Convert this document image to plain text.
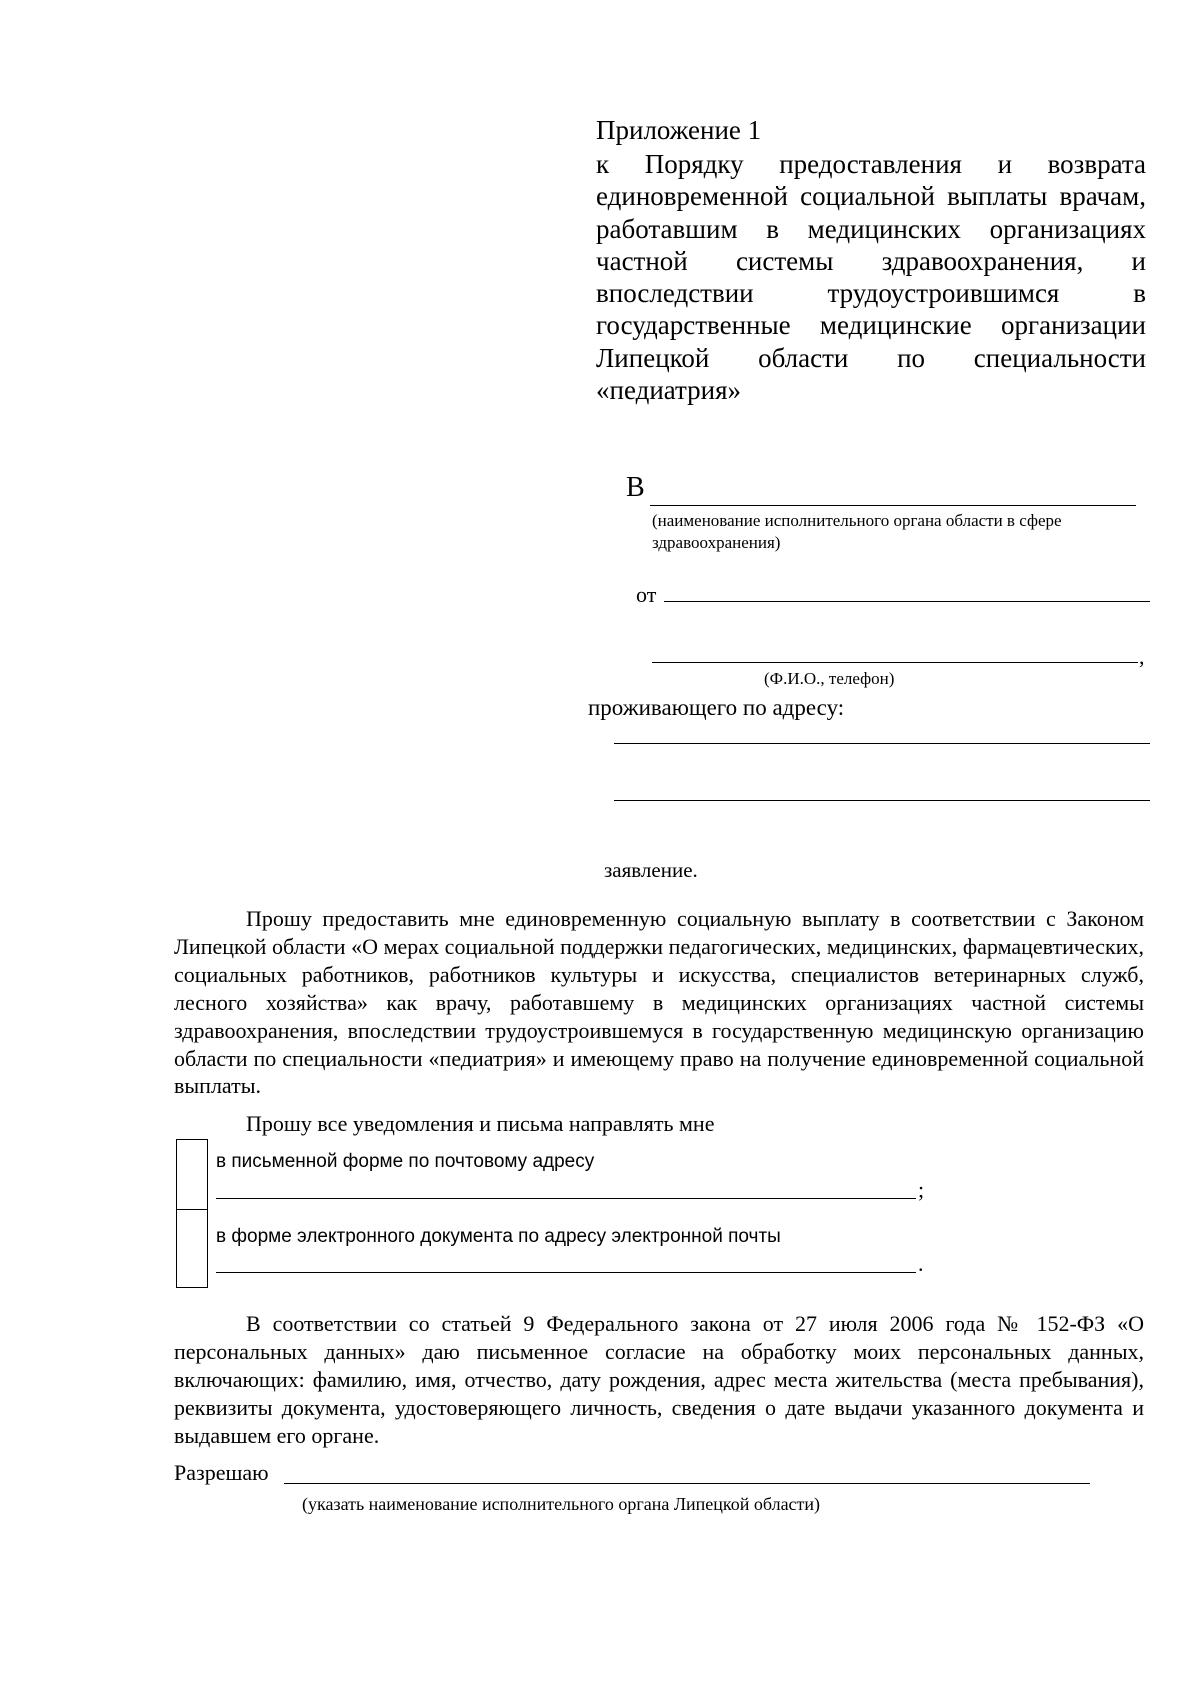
Приложение 1
к Порядку предоставления и возврата единовременной социальной выплаты врачам, работавшим в медицинских организациях частной системы здравоохранения, и впоследствии трудоустроившимся в государственные медицинские организации Липецкой области по специальности «педиатрия»
В
(наименование исполнительного органа области в сфере здравоохранения)
от
,
(Ф.И.О., телефон)
проживающего по адресу:
заявление.
Прошу предоставить мне единовременную социальную выплату в соответствии с Законом Липецкой области «О мерах социальной поддержки педагогических, медицинских, фармацевтических, социальных работников, работников культуры и искусства, специалистов ветеринарных служб, лесного хозяйства» как врачу, работавшему в медицинских организациях частной системы здравоохранения, впоследствии трудоустроившемуся в государственную медицинскую организацию области по специальности «педиатрия» и имеющему право на получение единовременной социальной выплаты.
Прошу все уведомления и письма направлять мне
в письменной форме по почтовому адресу
;
в форме электронного документа по адресу электронной почты
.
В соответствии со статьей 9 Федерального закона от 27 июля 2006 года № 152-ФЗ «О персональных данных» даю письменное согласие на обработку моих персональных данных, включающих: фамилию, имя, отчество, дату рождения, адрес места жительства (места пребывания), реквизиты документа, удостоверяющего личность, сведения о дате выдачи указанного документа и выдавшем его органе.
Разрешаю
(указать наименование исполнительного органа Липецкой области)
